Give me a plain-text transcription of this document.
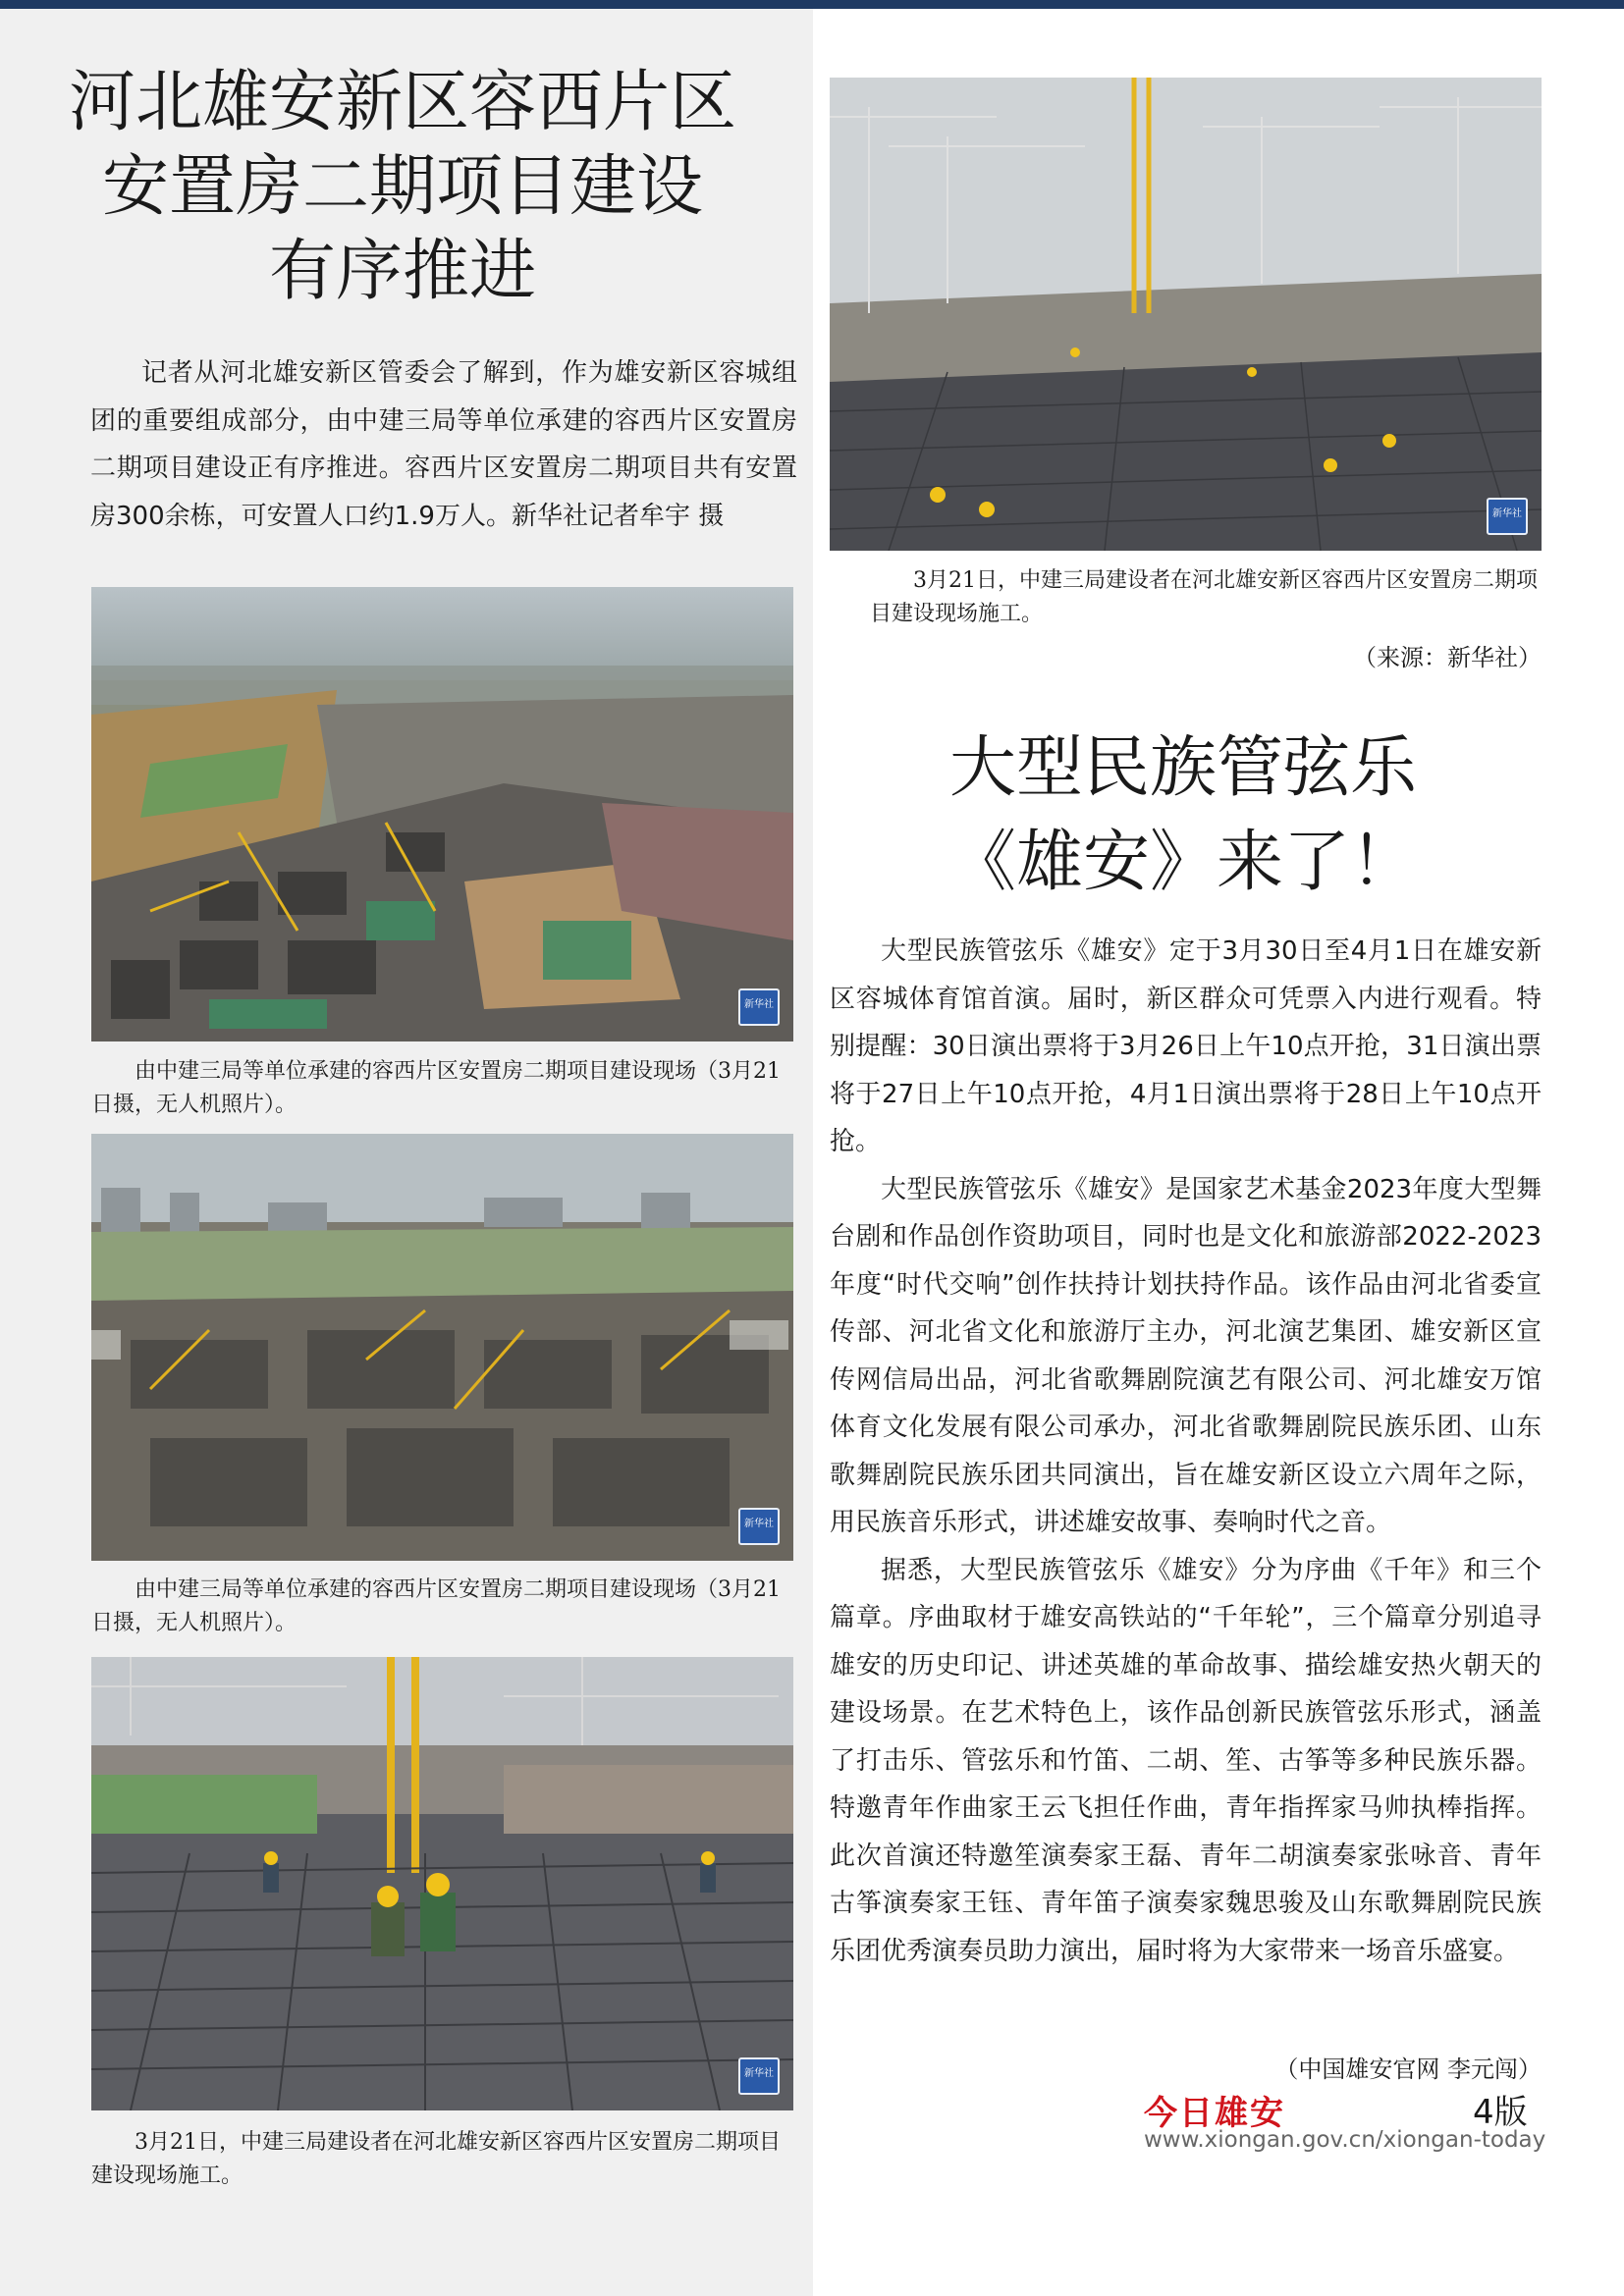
河北雄安新区容西片区
安置房二期项目建设
有序推进

记者从河北雄安新区管委会了解到，作为雄安新区容城组团的重要组成部分，由中建三局等单位承建的容西片区安置房二期项目建设正有序推进。容西片区安置房二期项目共有安置房300余栋，可安置人口约1.9万人。新华社记者牟宇 摄

新华社

由中建三局等单位承建的容西片区安置房二期项目建设现场（3月21日摄，无人机照片）。

新华社

由中建三局等单位承建的容西片区安置房二期项目建设现场（3月21日摄，无人机照片）。

新华社

3月21日，中建三局建设者在河北雄安新区容西片区安置房二期项目建设现场施工。

新华社

3月21日，中建三局建设者在河北雄安新区容西片区安置房二期项目建设现场施工。

（来源：新华社）
大型民族管弦乐
《雄安》来了！

大型民族管弦乐《雄安》定于3月30日至4月1日在雄安新区容城体育馆首演。届时，新区群众可凭票入内进行观看。特别提醒：30日演出票将于3月26日上午10点开抢，31日演出票将于27日上午10点开抢，4月1日演出票将于28日上午10点开抢。

大型民族管弦乐《雄安》是国家艺术基金2023年度大型舞台剧和作品创作资助项目，同时也是文化和旅游部2022-2023年度“时代交响”创作扶持计划扶持作品。该作品由河北省委宣传部、河北省文化和旅游厅主办，河北演艺集团、雄安新区宣传网信局出品，河北省歌舞剧院演艺有限公司、河北雄安万馆体育文化发展有限公司承办，河北省歌舞剧院民族乐团、山东歌舞剧院民族乐团共同演出，旨在雄安新区设立六周年之际，用民族音乐形式，讲述雄安故事、奏响时代之音。

据悉，大型民族管弦乐《雄安》分为序曲《千年》和三个篇章。序曲取材于雄安高铁站的“千年轮”，三个篇章分别追寻雄安的历史印记、讲述英雄的革命故事、描绘雄安热火朝天的建设场景。在艺术特色上，该作品创新民族管弦乐形式，涵盖了打击乐、管弦乐和竹笛、二胡、笙、古筝等多种民族乐器。特邀青年作曲家王云飞担任作曲，青年指挥家马帅执棒指挥。此次首演还特邀笙演奏家王磊、青年二胡演奏家张咏音、青年古筝演奏家王钰、青年笛子演奏家魏思骏及山东歌舞剧院民族乐团优秀演奏员助力演出，届时将为大家带来一场音乐盛宴。

（中国雄安官网 李元闯）
今日雄安	4版
www.xiongan.gov.cn/xiongan-today
